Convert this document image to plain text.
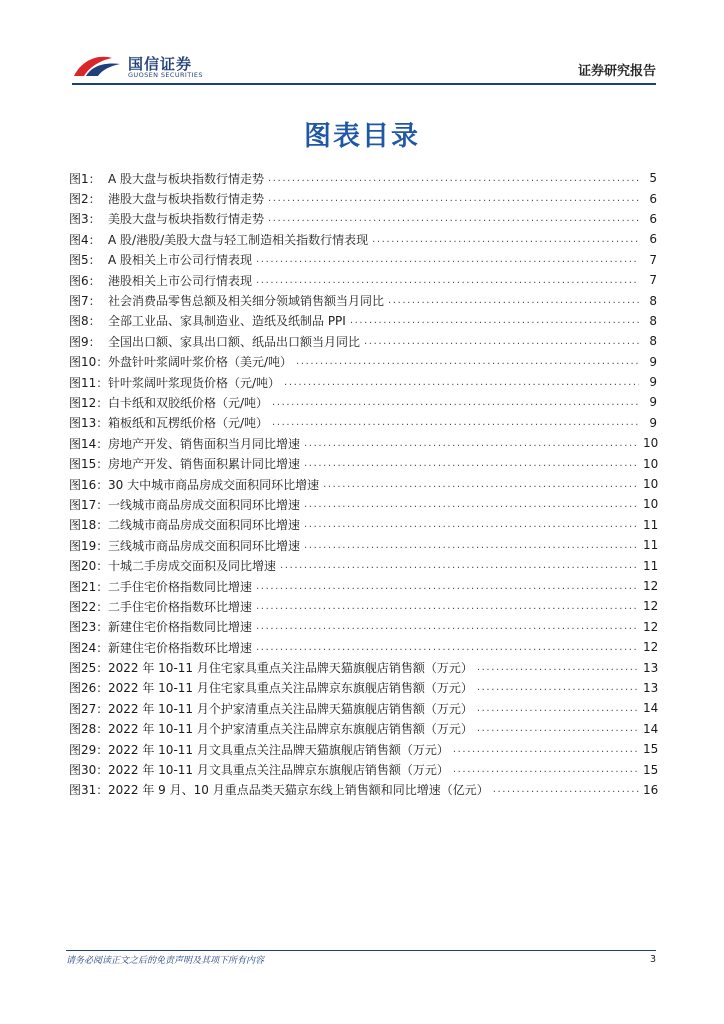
国信证券
GUOSEN SECURITIES	证券研究报告
图表目录
图1： A 股大盘与板块指数行情走势 .....	5
图2： 港股大盘与板块指数行情走势 .....	6
图3： 美股大盘与板块指数行情走势 .....	6
图4： A 股/港股/美股大盘与轻工制造相关指数行情表现 .....	6
图5： A 股相关上市公司行情表现 .....	7
图6： 港股相关上市公司行情表现 .....	7
图7： 社会消费品零售总额及相关细分领域销售额当月同比 .....	8
图8： 全部工业品、家具制造业、造纸及纸制品 PPI .....	8
图9： 全国出口额、家具出口额、纸品出口额当月同比 .....	8
图10： 外盘针叶浆阔叶浆价格（美元/吨） .....	9
图11： 针叶浆阔叶浆现货价格（元/吨） .....	9
图12： 白卡纸和双胶纸价格（元/吨） .....	9
图13： 箱板纸和瓦楞纸价格（元/吨） .....	9
图14： 房地产开发、销售面积当月同比增速 .....	10
图15： 房地产开发、销售面积累计同比增速 .....	10
图16： 30 大中城市商品房成交面积同环比增速 .....	10
图17： 一线城市商品房成交面积同环比增速 .....	10
图18： 二线城市商品房成交面积同环比增速 .....	11
图19： 三线城市商品房成交面积同环比增速 .....	11
图20： 十城二手房成交面积及同比增速 .....	11
图21： 二手住宅价格指数同比增速 .....	12
图22： 二手住宅价格指数环比增速 .....	12
图23： 新建住宅价格指数同比增速 .....	12
图24： 新建住宅价格指数环比增速 .....	12
图25： 2022 年 10-11 月住宅家具重点关注品牌天猫旗舰店销售额（万元） .....	13
图26： 2022 年 10-11 月住宅家具重点关注品牌京东旗舰店销售额（万元） .....	13
图27： 2022 年 10-11 月个护家清重点关注品牌天猫旗舰店销售额（万元） .....	14
图28： 2022 年 10-11 月个护家清重点关注品牌京东旗舰店销售额（万元） .....	14
图29： 2022 年 10-11 月文具重点关注品牌天猫旗舰店销售额（万元） .....	15
图30： 2022 年 10-11 月文具重点关注品牌京东旗舰店销售额（万元） .....	15
图31： 2022 年 9 月、10 月重点品类天猫京东线上销售额和同比增速（亿元） .....	16
请务必阅读正文之后的免责声明及其项下所有内容	3
